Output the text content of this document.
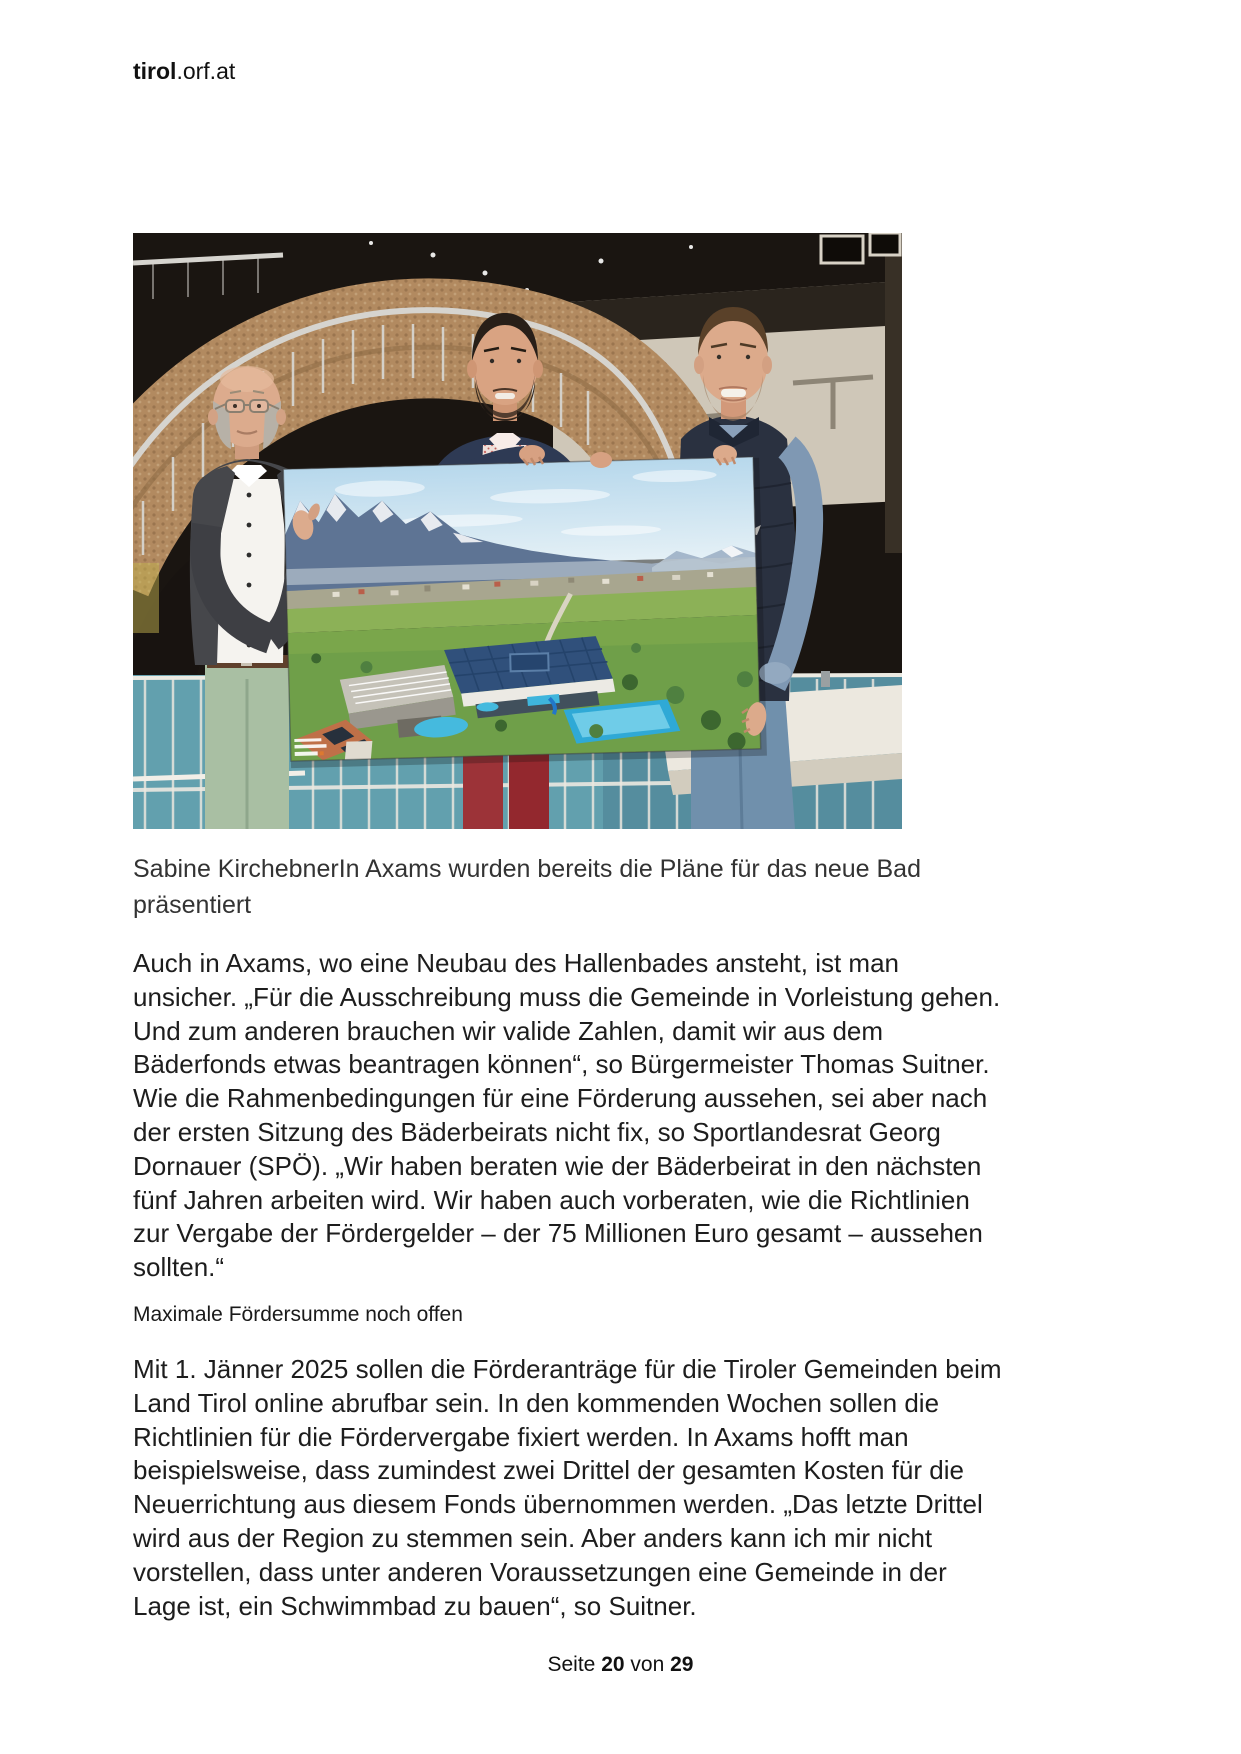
tirol.orf.at
Sabine KirchebnerIn Axams wurden bereits die Pläne für das neue Bad
präsentiert
Auch in Axams, wo eine Neubau des Hallenbades ansteht, ist man
unsicher. „Für die Ausschreibung muss die Gemeinde in Vorleistung gehen.
Und zum anderen brauchen wir valide Zahlen, damit wir aus dem
Bäderfonds etwas beantragen können“, so Bürgermeister Thomas Suitner.
Wie die Rahmenbedingungen für eine Förderung aussehen, sei aber nach
der ersten Sitzung des Bäderbeirats nicht fix, so Sportlandesrat Georg
Dornauer (SPÖ). „Wir haben beraten wie der Bäderbeirat in den nächsten
fünf Jahren arbeiten wird. Wir haben auch vorberaten, wie die Richtlinien
zur Vergabe der Fördergelder – der 75 Millionen Euro gesamt – aussehen
sollten.“
Maximale Fördersumme noch offen
Mit 1. Jänner 2025 sollen die Förderanträge für die Tiroler Gemeinden beim
Land Tirol online abrufbar sein. In den kommenden Wochen sollen die
Richtlinien für die Fördervergabe fixiert werden. In Axams hofft man
beispielsweise, dass zumindest zwei Drittel der gesamten Kosten für die
Neuerrichtung aus diesem Fonds übernommen werden. „Das letzte Drittel
wird aus der Region zu stemmen sein. Aber anders kann ich mir nicht
vorstellen, dass unter anderen Voraussetzungen eine Gemeinde in der
Lage ist, ein Schwimmbad zu bauen“, so Suitner.
Seite 20 von 29
